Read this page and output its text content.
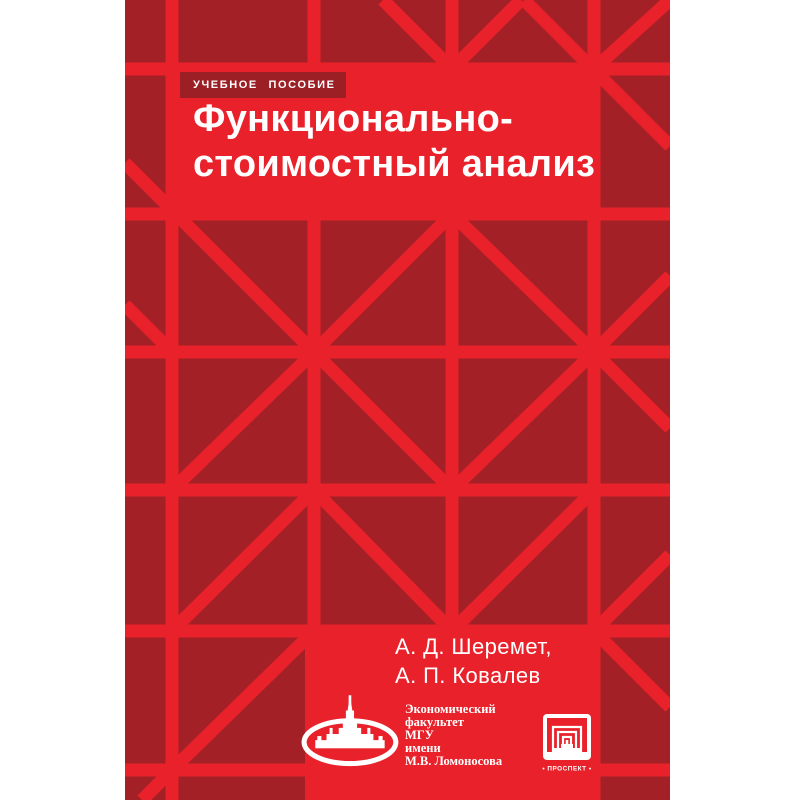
УЧЕБНОЕ ПОСОБИЕ
Функционально-
стоимостный анализ
А. Д. Шеремет,
А. П. Ковалев
Экономический
факультет
МГУ
имени
М.В. Ломоносова
• ПРОСПЕКТ •
